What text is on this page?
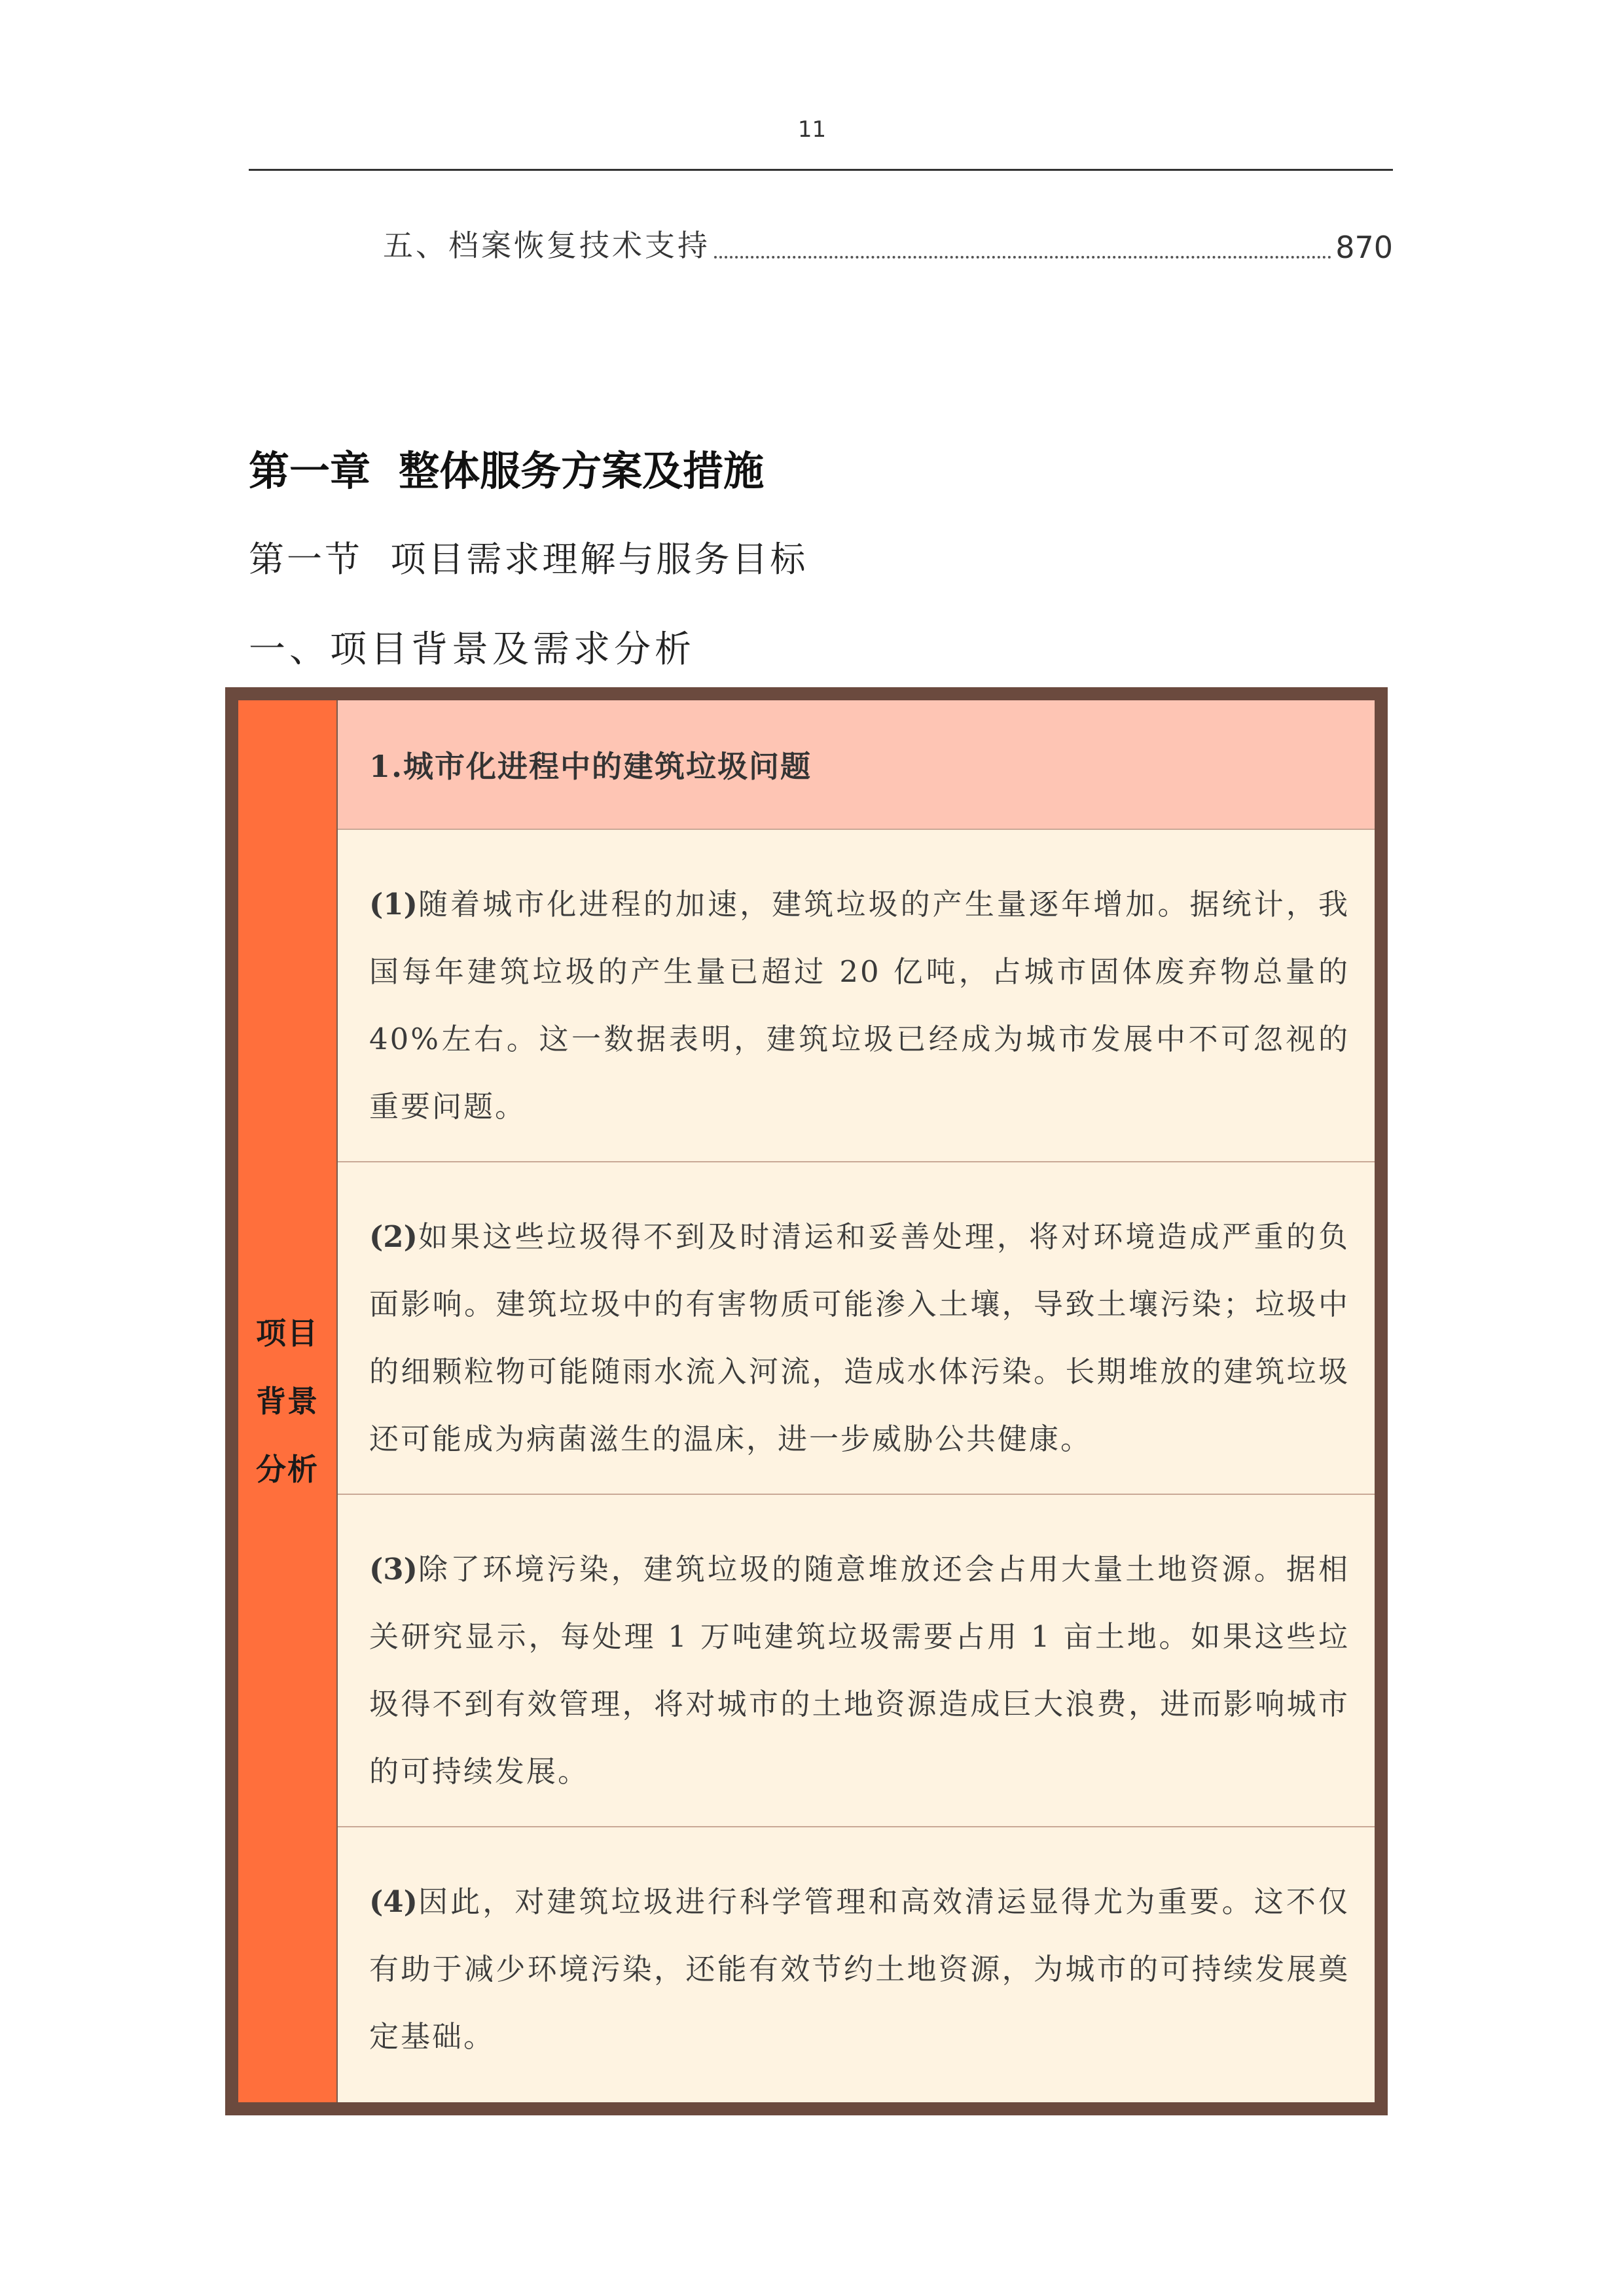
11
五、档案恢复技术支持	870
第一章  整体服务方案及措施
第一节  项目需求理解与服务目标
一、项目背景及需求分析
项目
背景
分析
1.城市化进程中的建筑垃圾问题
(1)随着城市化进程的加速，建筑垃圾的产生量逐年增加。据统计，我国每年建筑垃圾的产生量已超过 20 亿吨，占城市固体废弃物总量的 40%左右。这一数据表明，建筑垃圾已经成为城市发展中不可忽视的重要问题。
(2)如果这些垃圾得不到及时清运和妥善处理，将对环境造成严重的负面影响。建筑垃圾中的有害物质可能渗入土壤，导致土壤污染；垃圾中的细颗粒物可能随雨水流入河流，造成水体污染。长期堆放的建筑垃圾还可能成为病菌滋生的温床，进一步威胁公共健康。
(3)除了环境污染，建筑垃圾的随意堆放还会占用大量土地资源。据相关研究显示，每处理 1 万吨建筑垃圾需要占用 1 亩土地。如果这些垃圾得不到有效管理，将对城市的土地资源造成巨大浪费，进而影响城市的可持续发展。
(4)因此，对建筑垃圾进行科学管理和高效清运显得尤为重要。这不仅有助于减少环境污染，还能有效节约土地资源，为城市的可持续发展奠定基础。
